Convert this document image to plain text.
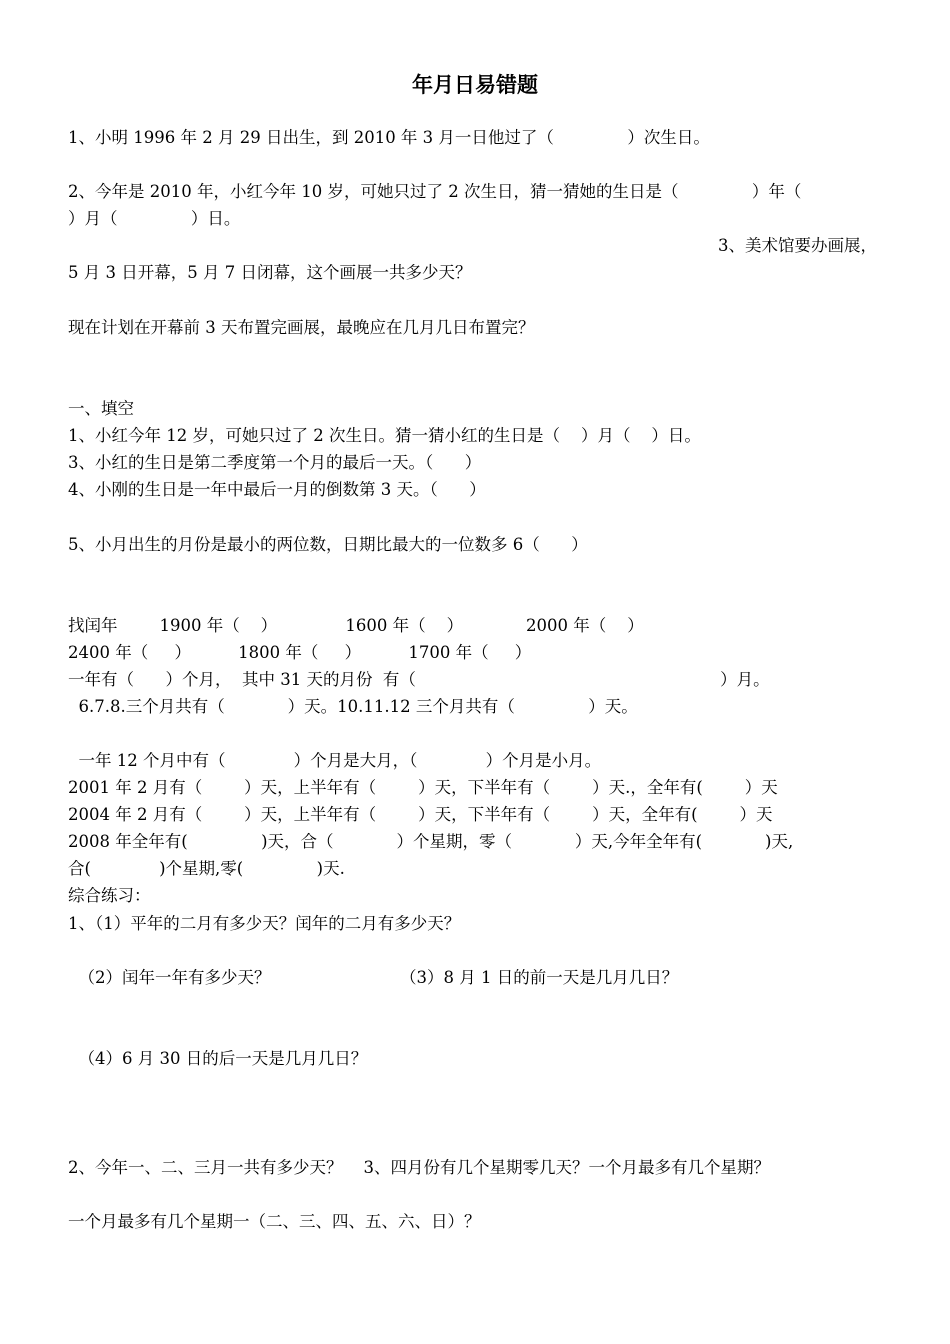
年月日易错题
1、小明 1996 年 2 月 29 日出生，到 2010 年 3 月一日他过了（              ）次生日。
2、今年是 2010 年，小红今年 10 岁，可她只过了 2 次生日，猜一猜她的生日是（              ）年（
）月（              ）日。
3、美术馆要办画展，
5 月 3 日开幕，5 月 7 日闭幕，这个画展一共多少天？
现在计划在开幕前 3 天布置完画展，最晚应在几月几日布置完？
一、填空
1、小红今年 12 岁，可她只过了 2 次生日。猜一猜小红的生日是（    ）月（    ）日。
3、小红的生日是第二季度第一个月的最后一天。（      ）
4、小刚的生日是一年中最后一月的倒数第 3 天。（      ）
5、小月出生的月份是最小的两位数，日期比最大的一位数多 6（      ）
找闰年        1900 年（    ）             1600 年（    ）            2000 年（    ）
2400 年（     ）         1800 年（     ）         1700 年（     ）
一年有（      ）个月，  其中 31 天的月份  有（                                                          ）月。
6.7.8.三个月共有（            ）天。10.11.12 三个月共有（              ）天。
一年 12 个月中有（             ）个月是大月，（             ）个月是小月。
2001 年 2 月有（        ）天，上半年有（        ）天，下半年有（        ）天.，全年有(        ）天
2004 年 2 月有（        ）天，上半年有（        ）天，下半年有（        ）天，全年有(        ）天
2008 年全年有(              )天，合（            ）个星期，零（            ）天,今年全年有(            )天,
合(             )个星期,零(              )天.
综合练习：
1、（1）平年的二月有多少天？闰年的二月有多少天？
（2）闰年一年有多少天？	（3）8 月 1 日的前一天是几月几日？
（4）6 月 30 日的后一天是几月几日？
2、今年一、二、三月一共有多少天？    3、四月份有几个星期零几天？一个月最多有几个星期？
一个月最多有几个星期一（二、三、四、五、六、日）？
